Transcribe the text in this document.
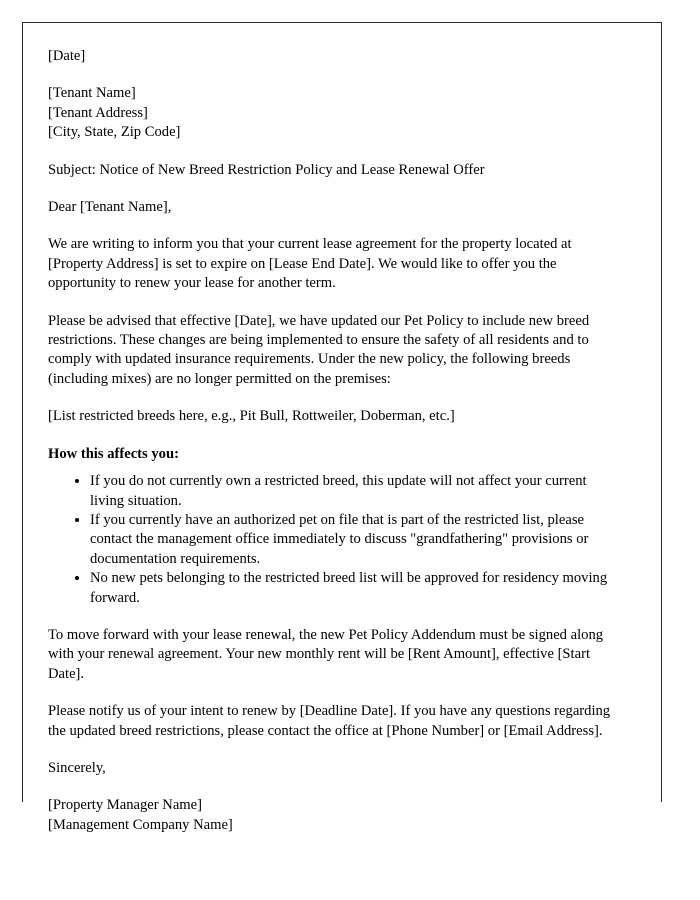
[Date]

[Tenant Name]

[Tenant Address]

[City, State, Zip Code]

Subject: Notice of New Breed Restriction Policy and Lease Renewal Offer

Dear [Tenant Name],

We are writing to inform you that your current lease agreement for the property located at [Property Address] is set to expire on [Lease End Date]. We would like to offer you the opportunity to renew your lease for another term.

Please be advised that effective [Date], we have updated our Pet Policy to include new breed restrictions. These changes are being implemented to ensure the safety of all residents and to comply with updated insurance requirements. Under the new policy, the following breeds (including mixes) are no longer permitted on the premises:

[List restricted breeds here, e.g., Pit Bull, Rottweiler, Doberman, etc.]

How this affects you:

• If you do not currently own a restricted breed, this update will not affect your current living situation.
• If you currently have an authorized pet on file that is part of the restricted list, please contact the management office immediately to discuss "grandfathering" provisions or documentation requirements.
• No new pets belonging to the restricted breed list will be approved for residency moving forward.

To move forward with your lease renewal, the new Pet Policy Addendum must be signed along with your renewal agreement. Your new monthly rent will be [Rent Amount], effective [Start Date].

Please notify us of your intent to renew by [Deadline Date]. If you have any questions regarding the updated breed restrictions, please contact the office at [Phone Number] or [Email Address].

Sincerely,

[Property Manager Name]

[Management Company Name]
